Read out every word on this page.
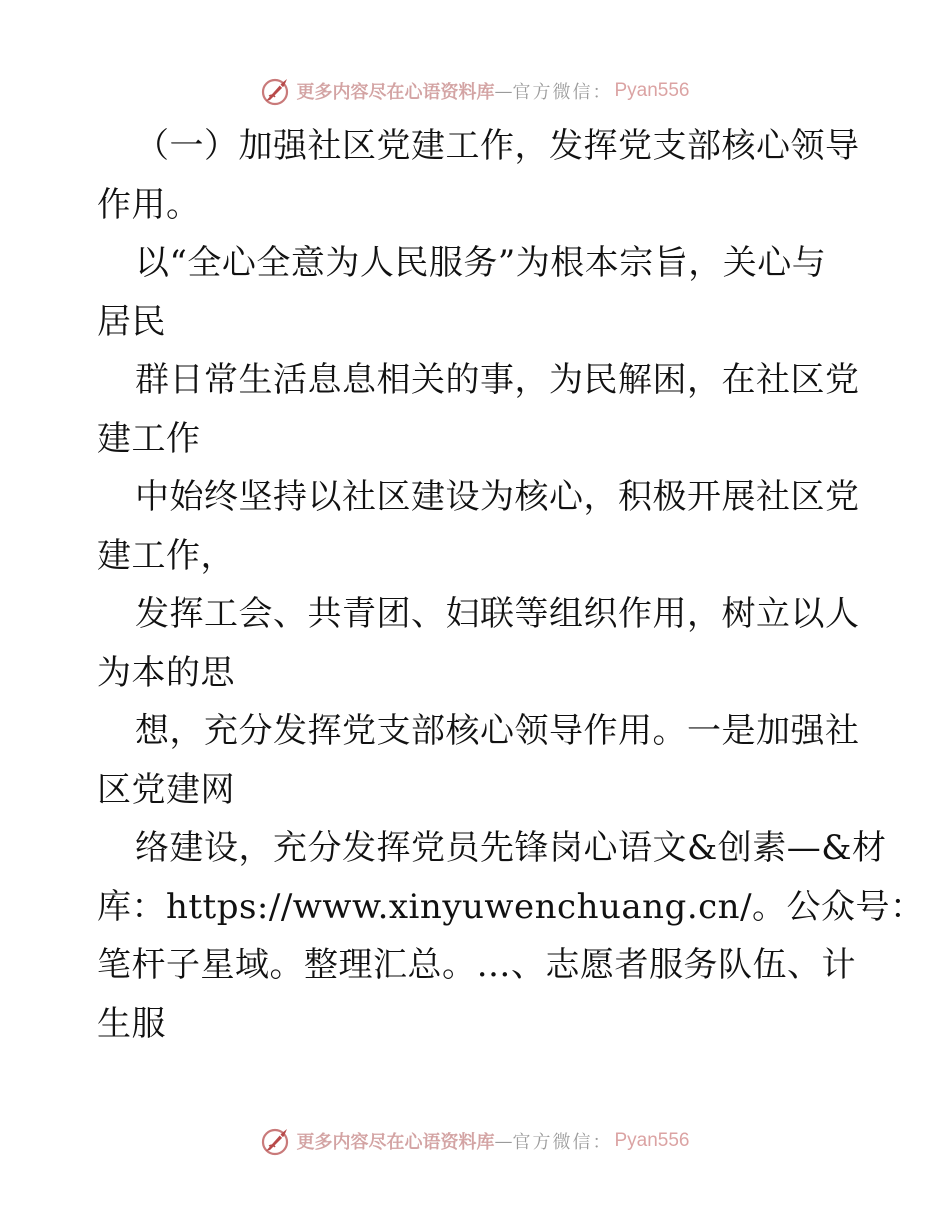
更多内容尽在心语资料库 — 官方微信： Pyan556
（一）加强社区党建工作，发挥党支部核心领导
作用。
以“全心全意为人民服务”为根本宗旨，关心与
居民
群日常生活息息相关的事，为民解困，在社区党
建工作
中始终坚持以社区建设为核心，积极开展社区党
建工作，
发挥工会、共青团、妇联等组织作用，树立以人
为本的思
想，充分发挥党支部核心领导作用。一是加强社
区党建网
络建设，充分发挥党员先锋岗心语文&创素—&材
库：https://www.xinyuwenchuang.cn/。公众号：
笔杆子星域。整理汇总。…、志愿者服务队伍、计
生服
更多内容尽在心语资料库 — 官方微信： Pyan556
